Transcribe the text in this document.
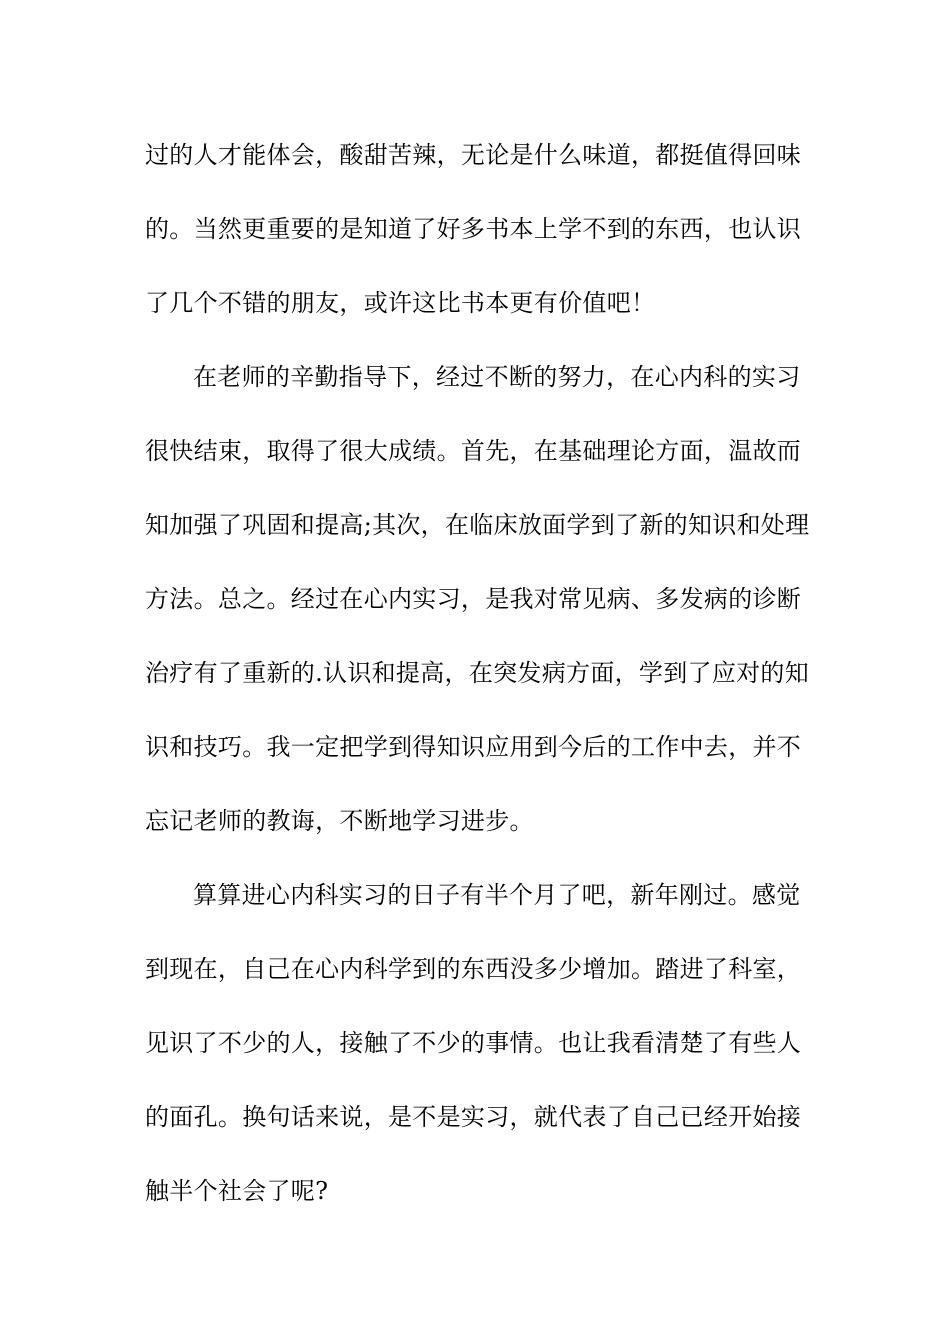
过的人才能体会，酸甜苦辣，无论是什么味道，都挺值得回味
的。当然更重要的是知道了好多书本上学不到的东西，也认识
了几个不错的朋友，或许这比书本更有价值吧！
在老师的辛勤指导下，经过不断的努力，在心内科的实习
很快结束，取得了很大成绩。首先，在基础理论方面，温故而
知加强了巩固和提高;其次，在临床放面学到了新的知识和处理
方法。总之。经过在心内实习，是我对常见病、多发病的诊断
治疗有了重新的.认识和提高，在突发病方面，学到了应对的知
识和技巧。我一定把学到得知识应用到今后的工作中去，并不
忘记老师的教诲，不断地学习进步。
算算进心内科实习的日子有半个月了吧，新年刚过。感觉
到现在，自己在心内科学到的东西没多少增加。踏进了科室，
见识了不少的人，接触了不少的事情。也让我看清楚了有些人
的面孔。换句话来说，是不是实习，就代表了自己已经开始接
触半个社会了呢?
